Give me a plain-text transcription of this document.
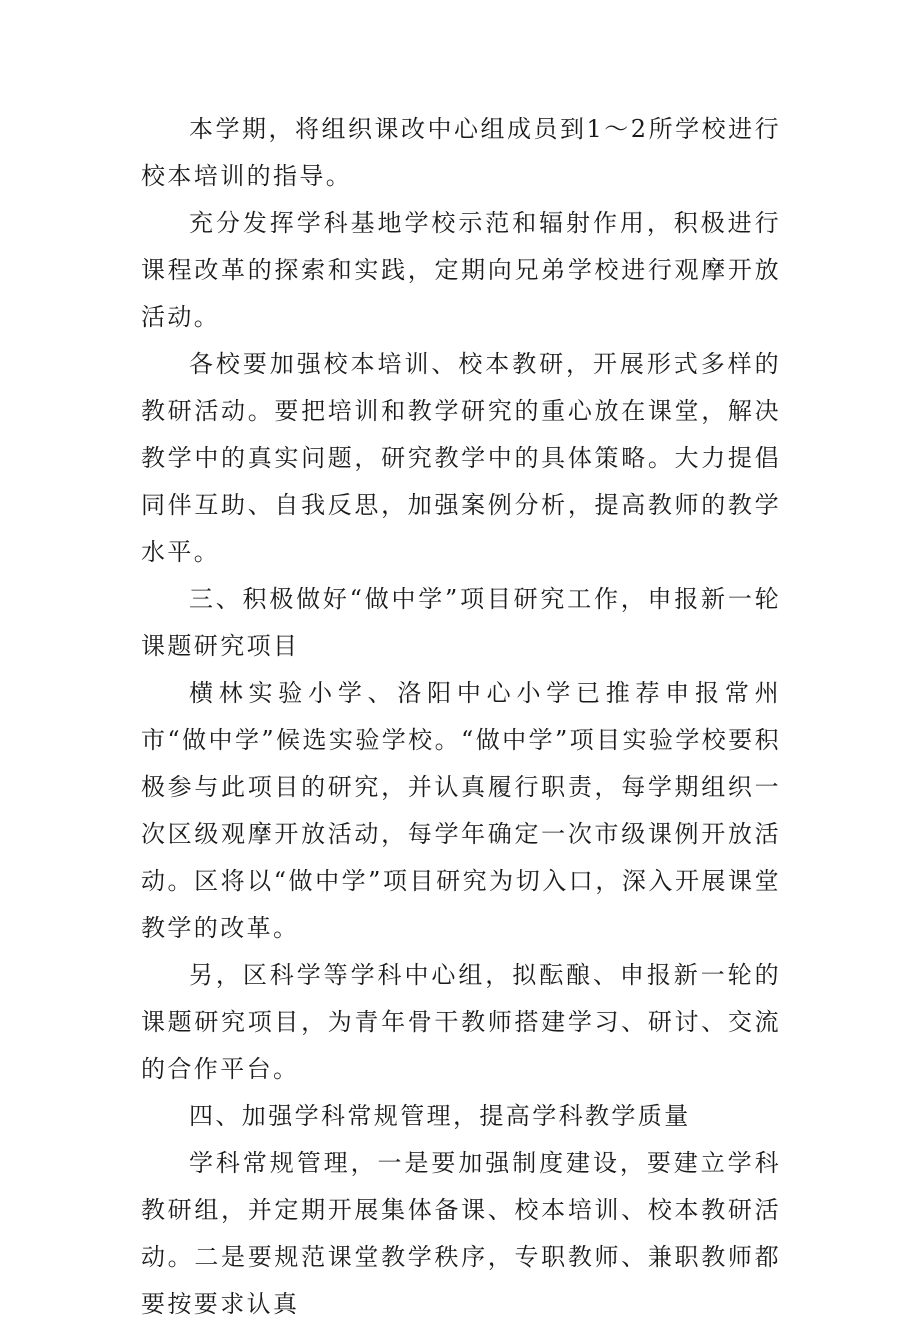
本学期，将组织课改中心组成员到1～2所学校进行校本培训的指导。

充分发挥学科基地学校示范和辐射作用，积极进行课程改革的探索和实践，定期向兄弟学校进行观摩开放活动。

各校要加强校本培训、校本教研，开展形式多样的教研活动。要把培训和教学研究的重心放在课堂，解决教学中的真实问题，研究教学中的具体策略。大力提倡同伴互助、自我反思，加强案例分析，提高教师的教学水平。

三、积极做好“做中学”项目研究工作，申报新一轮课题研究项目

横林实验小学、洛阳中心小学已推荐申报常州市“做中学”候选实验学校。“做中学”项目实验学校要积极参与此项目的研究，并认真履行职责，每学期组织一次区级观摩开放活动，每学年确定一次市级课例开放活动。区将以“做中学”项目研究为切入口，深入开展课堂教学的改革。

另，区科学等学科中心组，拟酝酿、申报新一轮的课题研究项目，为青年骨干教师搭建学习、研讨、交流的合作平台。

四、加强学科常规管理，提高学科教学质量

学科常规管理，一是要加强制度建设，要建立学科教研组，并定期开展集体备课、校本培训、校本教研活动。二是要规范课堂教学秩序，专职教师、兼职教师都要按要求认真
